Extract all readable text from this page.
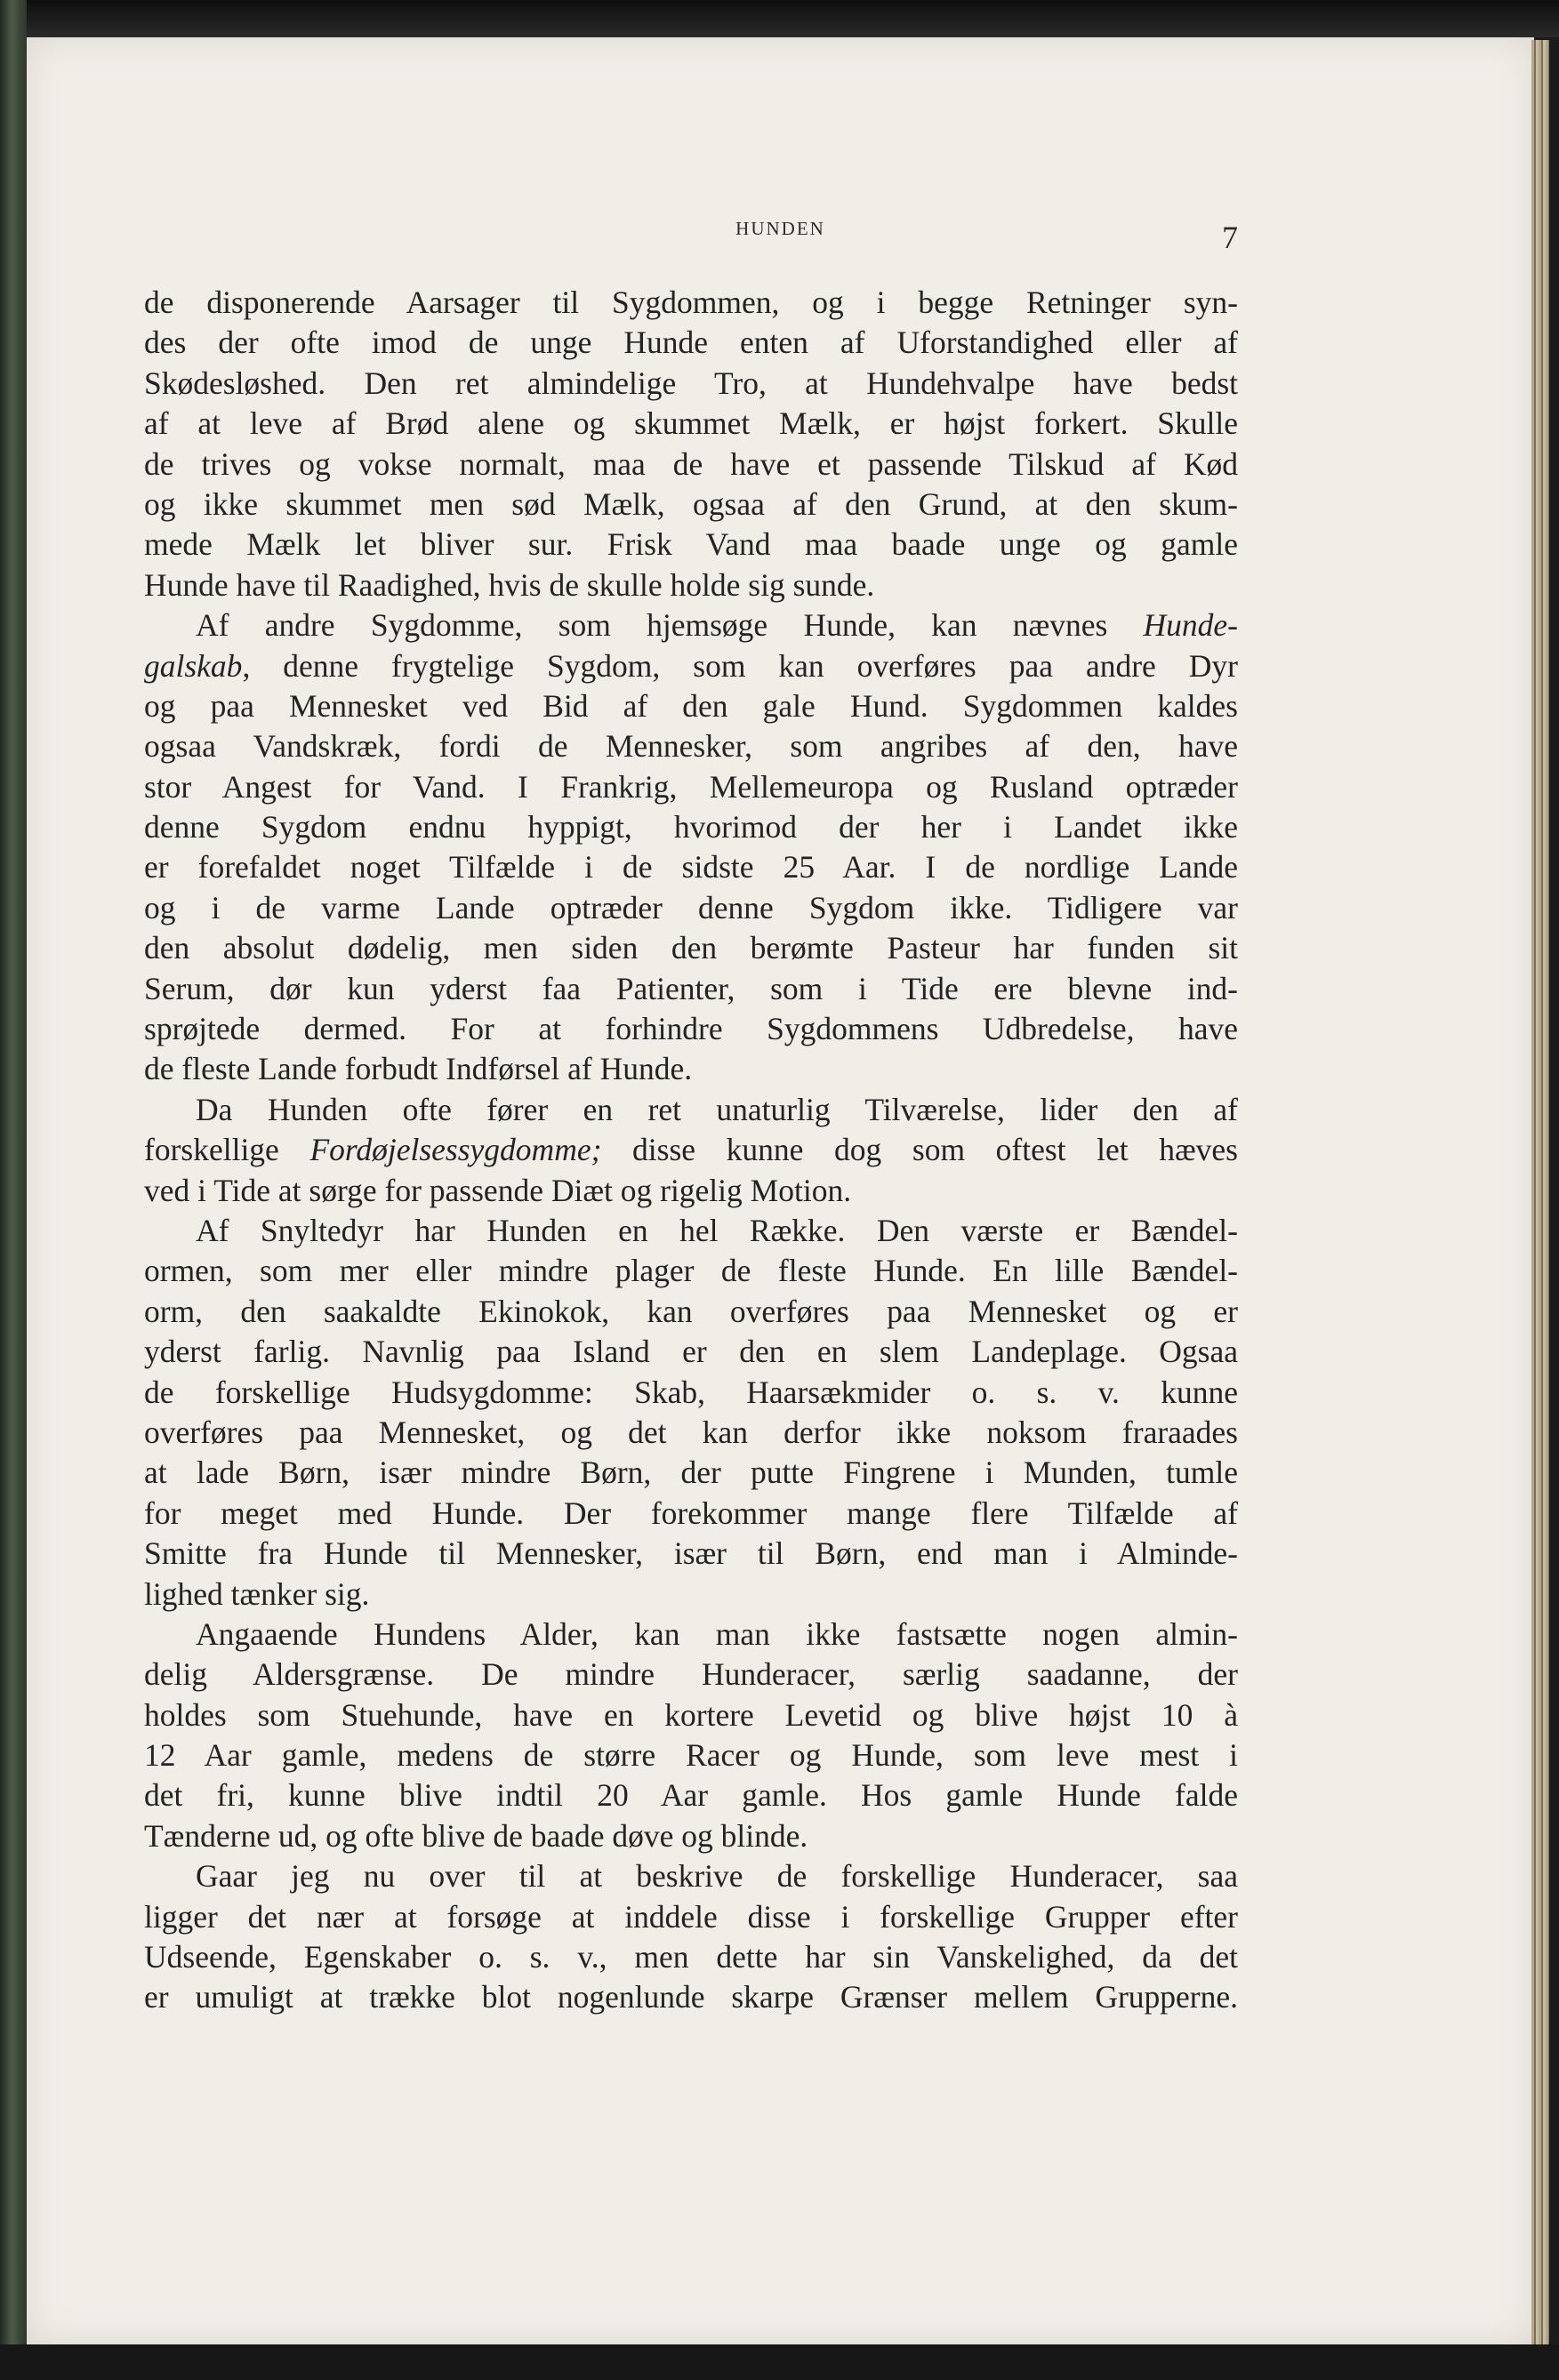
HUNDEN	7
de disponerende Aarsager til Sygdommen, og i begge Retninger syn-
des der ofte imod de unge Hunde enten af Uforstandighed eller af
Skødesløshed. Den ret almindelige Tro, at Hundehvalpe have bedst
af at leve af Brød alene og skummet Mælk, er højst forkert. Skulle
de trives og vokse normalt, maa de have et passende Tilskud af Kød
og ikke skummet men sød Mælk, ogsaa af den Grund, at den skum-
mede Mælk let bliver sur. Frisk Vand maa baade unge og gamle
Hunde have til Raadighed, hvis de skulle holde sig sunde.
Af andre Sygdomme, som hjemsøge Hunde, kan nævnes Hunde-
galskab, denne frygtelige Sygdom, som kan overføres paa andre Dyr
og paa Mennesket ved Bid af den gale Hund. Sygdommen kaldes
ogsaa Vandskræk, fordi de Mennesker, som angribes af den, have
stor Angest for Vand. I Frankrig, Mellemeuropa og Rusland optræder
denne Sygdom endnu hyppigt, hvorimod der her i Landet ikke
er forefaldet noget Tilfælde i de sidste 25 Aar. I de nordlige Lande
og i de varme Lande optræder denne Sygdom ikke. Tidligere var
den absolut dødelig, men siden den berømte Pasteur har funden sit
Serum, dør kun yderst faa Patienter, som i Tide ere blevne ind-
sprøjtede dermed. For at forhindre Sygdommens Udbredelse, have
de fleste Lande forbudt Indførsel af Hunde.
Da Hunden ofte fører en ret unaturlig Tilværelse, lider den af
forskellige Fordøjelsessygdomme; disse kunne dog som oftest let hæves
ved i Tide at sørge for passende Diæt og rigelig Motion.
Af Snyltedyr har Hunden en hel Række. Den værste er Bændel-
ormen, som mer eller mindre plager de fleste Hunde. En lille Bændel-
orm, den saakaldte Ekinokok, kan overføres paa Mennesket og er
yderst farlig. Navnlig paa Island er den en slem Landeplage. Ogsaa
de forskellige Hudsygdomme: Skab, Haarsækmider o. s. v. kunne
overføres paa Mennesket, og det kan derfor ikke noksom fraraades
at lade Børn, især mindre Børn, der putte Fingrene i Munden, tumle
for meget med Hunde. Der forekommer mange flere Tilfælde af
Smitte fra Hunde til Mennesker, især til Børn, end man i Alminde-
lighed tænker sig.
Angaaende Hundens Alder, kan man ikke fastsætte nogen almin-
delig Aldersgrænse. De mindre Hunderacer, særlig saadanne, der
holdes som Stuehunde, have en kortere Levetid og blive højst 10 à
12 Aar gamle, medens de større Racer og Hunde, som leve mest i
det fri, kunne blive indtil 20 Aar gamle. Hos gamle Hunde falde
Tænderne ud, og ofte blive de baade døve og blinde.
Gaar jeg nu over til at beskrive de forskellige Hunderacer, saa
ligger det nær at forsøge at inddele disse i forskellige Grupper efter
Udseende, Egenskaber o. s. v., men dette har sin Vanskelighed, da det
er umuligt at trække blot nogenlunde skarpe Grænser mellem Grupperne.
